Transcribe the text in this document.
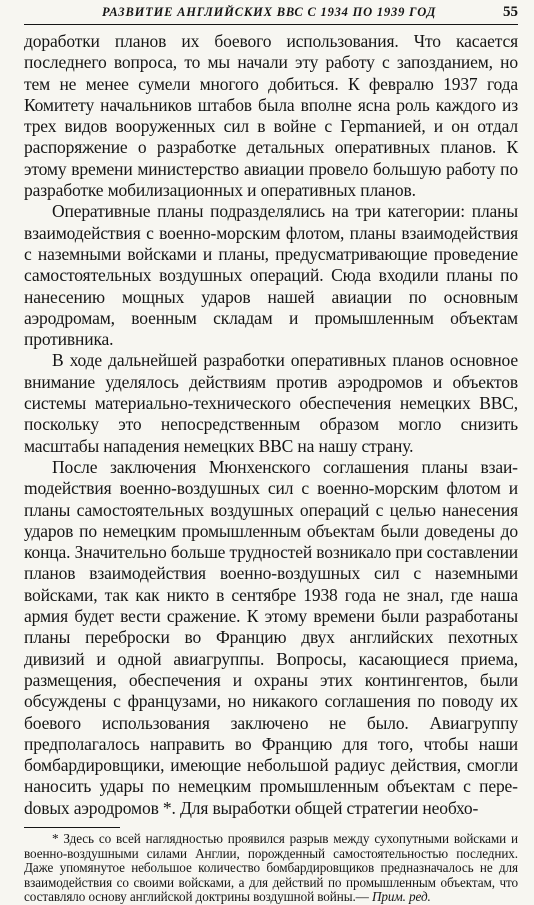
РАЗВИТИЕ АНГЛИЙСКИХ ВВС С 1934 ПО 1939 ГОД	55

доработки планов их боевого использования. Что касается последнего вопроса, то мы начали эту работу с запозданием, но тем не менее сумели многого добиться. К февралю 1937 года Комитету начальников штабов была вполне ясна роль каждого из трех видов вооруженных сил в войне с Герmанией, и он отдал распоряжение о разработке детальных оперативных планов. К этому времени министерство авиации провело большую работу по разработке мобилизационных и оперативных планов.

Оперативные планы подразделялись на три категории: планы взаимодействия с военно-морским флотом, планы взаимодействия с наземными войсками и планы, предусматривающие проведение самостоятельных воздушных операций. Сюда входили планы по нанесению мощных ударов нашей авиации по основным аэродромам, военным складам и промышленным объектам противника.

В ходе дальнейшей разработки оперативных планов основное внимание уделялось действиям против аэродромов и объектов системы материально-технического обеспечения немецких ВВС, поскольку это непосредственным образом могло снизить масштабы нападения немецких ВВС на нашу страну.

После заключения Мюнхенского соглашения планы взаиmодействия военно-воздушных сил с военно-морским флотом и планы самостоятельных воздушных операций с целью нанесения ударов по немецким промышленным объектам были доведены до конца. Значительно больше трудностей возникало при составлении планов взаимодействия военно-воздушных сил с наземными войсками, так как никто в сентябре 1938 года не знал, где наша армия будет вести сражение. К этому времени были разработаны планы переброски во Францию двух английских пехотных дивизий и одной авиагруппы. Вопросы, касающиеся приема, размещения, обеспечения и охраны этих контингентов, были обсуждены с французами, но никакого соглашения по поводу их боевого использования заключено не было. Авиагруппу предполагалось направить во Францию для того, чтобы наши бомбардировщики, имеющие небольшой радиус действия, смогли наносить удары по немецким промышленным объектам с переdовых аэродромов *. Для выработки общей стратегии необхо-

* Здесь со всей наглядностью проявился разрыв между сухопутными войсками и военно-воздушными силами Англии, порожденный самостоятельностью последних. Даже упомянутое небольшое количество бомбардировщиков предназначалось не для взаимодействия со своими войсками, а для действий по промышленным объектам, что составляло основу английской доктрины воздушной войны.— Прим. ред.
